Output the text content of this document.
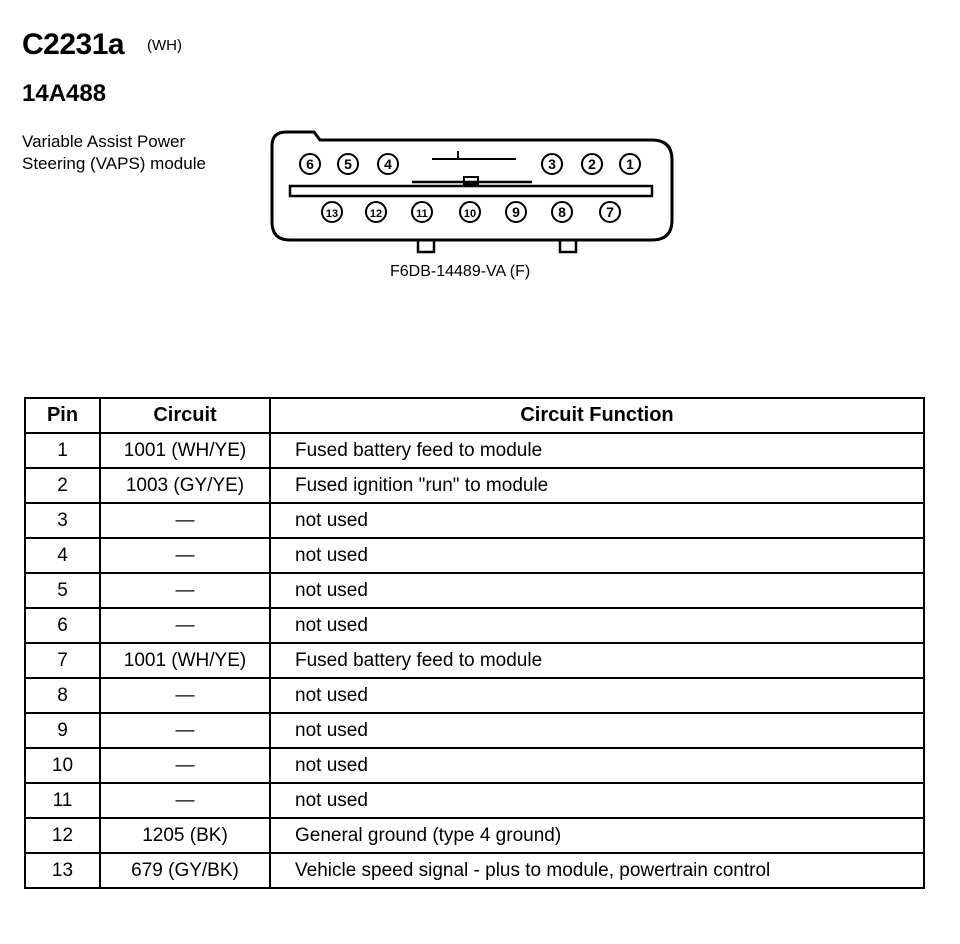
C2231a (WH)
14A488
Variable Assist Power
Steering (VAPS) module	6 5 4	3 2 1
13	12	11	10	9	8	7
F6DB-14489-VA (F)
Pin	Circuit	Circuit Function
1	1001 (WH/YE)	Fused battery feed to module
2	1003 (GY/YE)	Fused ignition "run" to module
3	—	not used
4	—	not used
5	—	not used
6	—	not used
7	1001 (WH/YE)	Fused battery feed to module
8	—	not used
9	—	not used
10	—	not used
11	—	not used
12	1205 (BK)	General ground (type 4 ground)
13	679 (GY/BK)	Vehicle speed signal - plus to module, powertrain control
